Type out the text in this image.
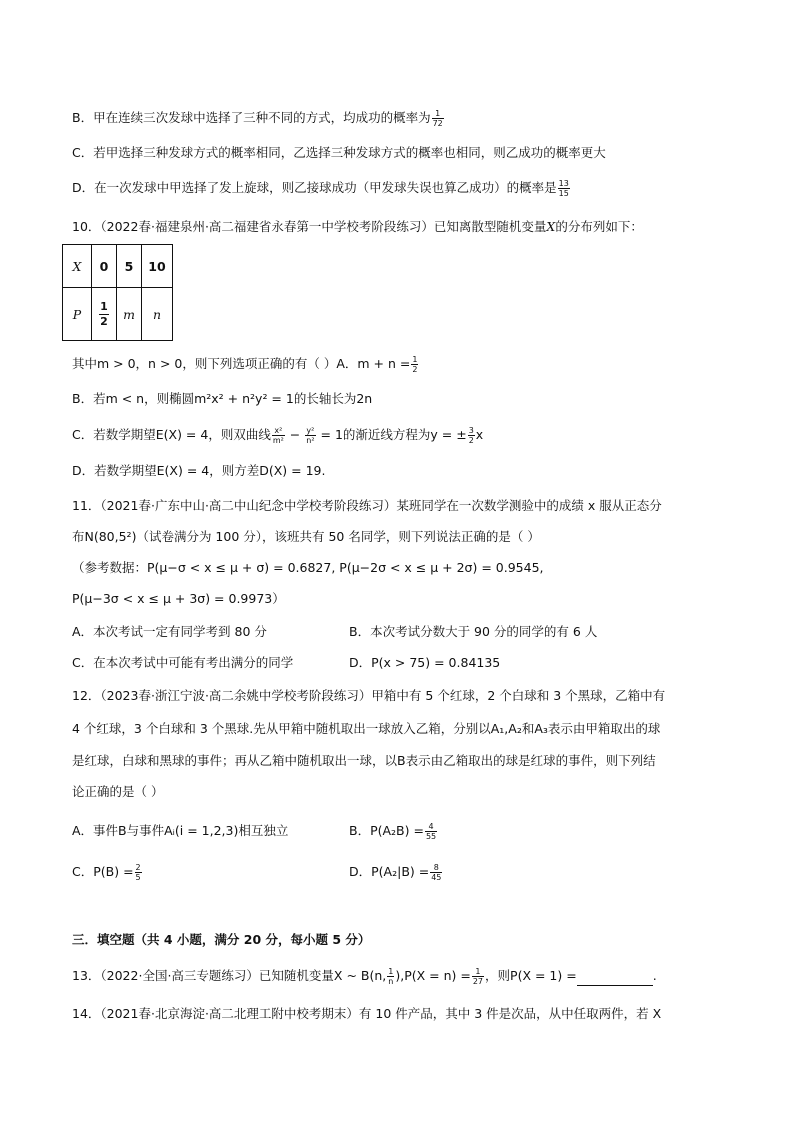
B．甲在连续三次发球中选择了三种不同的方式，均成功的概率为 $\frac{1}{72}$
C．若甲选择三种发球方式的概率相同，乙选择三种发球方式的概率也相同，则乙成功的概率更大
D．在一次发球中甲选择了发上旋球，则乙接球成功（甲发球失误也算乙成功）的概率是 $\frac{13}{15}$
10．（2022春·福建泉州·高二福建省永春第一中学校考阶段练习）已知离散型随机变量X的分布列如下：
X	0	5	10
P	$\frac{1}{2}$	m	n
其中m > 0，n > 0，则下列选项正确的有（ ）A．$m + n = \frac{1}{2}$
B．若m < n，则椭圆m²x² + n²y² = 1的长轴长为2n
C．若数学期望E(X) = 4，则双曲线 $\frac{\text{x²}}{\text{m²}} - \frac{\text{y²}}{\text{n²}} = 1$的渐近线方程为y = ± $\frac{3}{2}$ x
D．若数学期望E(X) = 4，则方差D(X) = 19.
11．（2021春·广东中山·高二中山纪念中学校考阶段练习）某班同学在一次数学测验中的成绩 x 服从正态分
布N(80,5²)（试卷满分为 100 分），该班共有 50 名同学，则下列说法正确的是（ ）
（参考数据：P(μ−σ < x ≤ μ + σ) = 0.6827, P(μ−2σ < x ≤ μ + 2σ) = 0.9545,
P(μ−3σ < x ≤ μ + 3σ) = 0.9973）
A．本次考试一定有同学考到 80 分	B．本次考试分数大于 90 分的同学的有 6 人
C．在本次考试中可能有考出满分的同学	D．P(x > 75) = 0.84135
12．（2023春·浙江宁波·高二余姚中学校考阶段练习）甲箱中有 5 个红球，2 个白球和 3 个黑球，乙箱中有
4 个红球，3 个白球和 3 个黑球.先从甲箱中随机取出一球放入乙箱，分别以A₁,A₂和A₃表示由甲箱取出的球
是红球，白球和黑球的事件；再从乙箱中随机取出一球，以B表示由乙箱取出的球是红球的事件，则下列结
论正确的是（ ）
A．事件B与事件Aᵢ(i = 1,2,3)相互独立	B．$P(A_2B) = \frac{4}{55}$
C．$P(B) = \frac{2}{5}$	D．$P(A_2|B) = \frac{8}{45}$
三．填空题（共 4 小题，满分 20 分，每小题 5 分）
13．（2022·全国·高三专题练习）已知随机变量X ~ B(n, $\frac{1}{n} ),P(X = n) = \frac{1}{27}$ ，则P(X = 1) =	.
14．（2021春·北京海淀·高二北理工附中校考期末）有 10 件产品，其中 3 件是次品，从中任取两件，若 X
